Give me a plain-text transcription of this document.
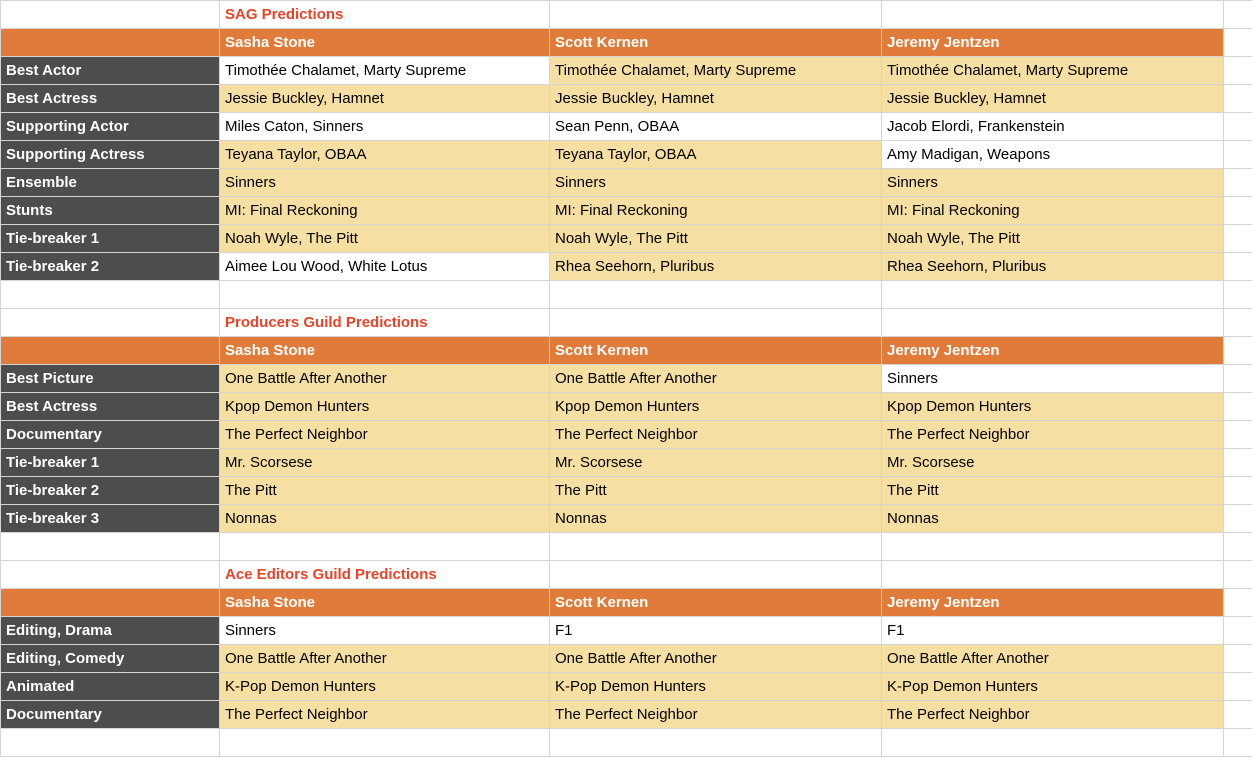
	SAG Predictions			
	Sasha Stone	Scott Kernen	Jeremy Jentzen	
Best Actor	Timothée Chalamet, Marty Supreme	Timothée Chalamet, Marty Supreme	Timothée Chalamet, Marty Supreme	
Best Actress	Jessie Buckley, Hamnet	Jessie Buckley, Hamnet	Jessie Buckley, Hamnet	
Supporting Actor	Miles Caton, Sinners	Sean Penn, OBAA	Jacob Elordi, Frankenstein	
Supporting Actress	Teyana Taylor, OBAA	Teyana Taylor, OBAA	Amy Madigan, Weapons	
Ensemble	Sinners	Sinners	Sinners	
Stunts	MI: Final Reckoning	MI: Final Reckoning	MI: Final Reckoning	
Tie-breaker 1	Noah Wyle, The Pitt	Noah Wyle, The Pitt	Noah Wyle, The Pitt	
Tie-breaker 2	Aimee Lou Wood, White Lotus	Rhea Seehorn, Pluribus	Rhea Seehorn, Pluribus	

	Producers Guild Predictions			
	Sasha Stone	Scott Kernen	Jeremy Jentzen	
Best Picture	One Battle After Another	One Battle After Another	Sinners	
Best Actress	Kpop Demon Hunters	Kpop Demon Hunters	Kpop Demon Hunters	
Documentary	The Perfect Neighbor	The Perfect Neighbor	The Perfect Neighbor	
Tie-breaker 1	Mr. Scorsese	Mr. Scorsese	Mr. Scorsese	
Tie-breaker 2	The Pitt	The Pitt	The Pitt	
Tie-breaker 3	Nonnas	Nonnas	Nonnas	

	Ace Editors Guild Predictions			
	Sasha Stone	Scott Kernen	Jeremy Jentzen	
Editing, Drama	Sinners	F1	F1	
Editing, Comedy	One Battle After Another	One Battle After Another	One Battle After Another	
Animated	K-Pop Demon Hunters	K-Pop Demon Hunters	K-Pop Demon Hunters	
Documentary	The Perfect Neighbor	The Perfect Neighbor	The Perfect Neighbor	
